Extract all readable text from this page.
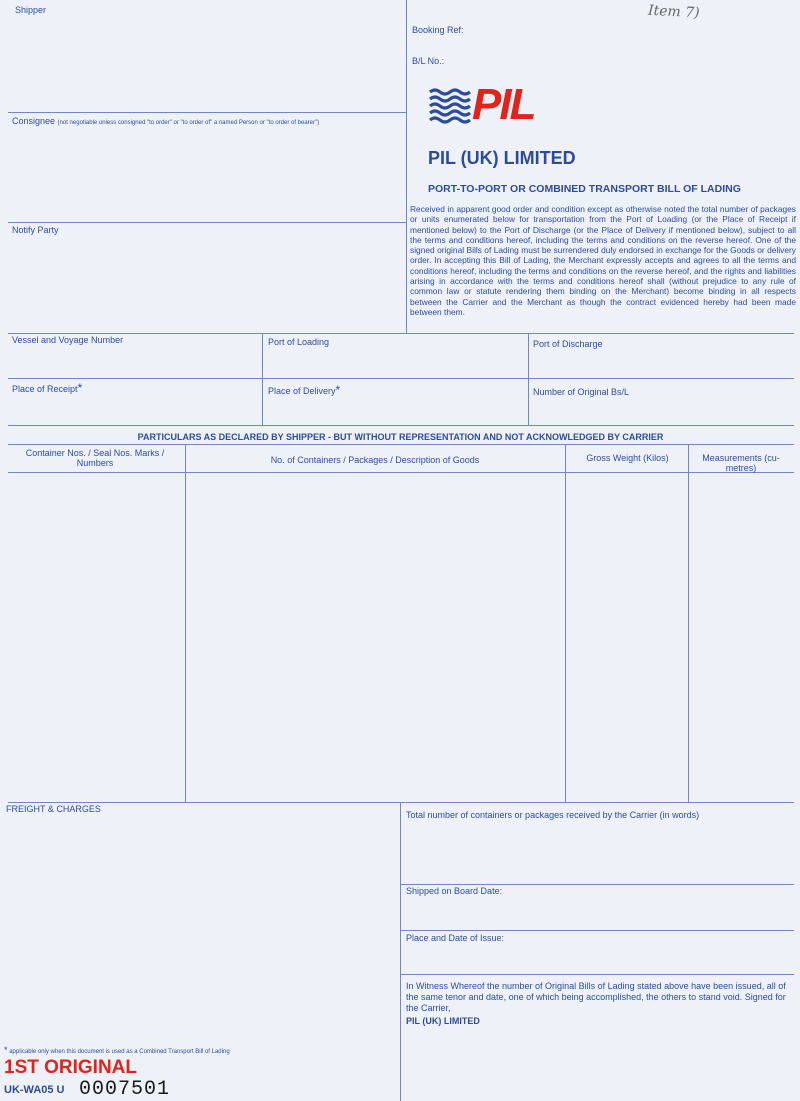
Item 7)
Shipper
Consignee (not negotiable unless consigned "to order" or "to order of" a named Person or "to order of bearer")
Notify Party
Booking Ref:
B/L No.:
PIL
PIL (UK) LIMITED
PORT-TO-PORT OR COMBINED TRANSPORT BILL OF LADING
Received in apparent good order and condition except as otherwise noted the total number of packages or units enumerated below for transportation from the Port of Loading (or the Place of Receipt if mentioned below) to the Port of Discharge (or the Place of Delivery if mentioned below), subject to all the terms and conditions hereof, including the terms and conditions on the reverse hereof. One of the signed original Bills of Lading must be surrendered duly endorsed in exchange for the Goods or delivery order. In accepting this Bill of Lading, the Merchant expressly accepts and agrees to all the terms and conditions hereof, including the terms and conditions on the reverse hereof, and the rights and liabilities arising in accordance with the terms and conditions hereof shall (without prejudice to any rule of common law or statute rendering them binding on the Merchant) become binding in all respects between the Carrier and the Merchant as though the contract evidenced hereby had been made between them.
Vessel and Voyage Number	Port of Loading	Port of Discharge
Place of Receipt*	Place of Delivery*	Number of Original Bs/L
PARTICULARS AS DECLARED BY SHIPPER - BUT WITHOUT REPRESENTATION AND NOT ACKNOWLEDGED BY CARRIER
Container Nos. / Seal Nos. Marks / Numbers	No. of Containers / Packages / Description of Goods	Gross Weight (Kilos)	Measurements (cu-metres)
FREIGHT & CHARGES
Total number of containers or packages received by the Carrier (in words)
Shipped on Board Date:
Place and Date of Issue:
In Witness Whereof the number of Original Bills of Lading stated above have been issued, all of the same tenor and date, one of which being accomplished, the others to stand void. Signed for the Carrier,
PIL (UK) LIMITED
* applicable only when this document is used as a Combined Transport Bill of Lading
1ST ORIGINAL
UK-WA05 U 0007501
